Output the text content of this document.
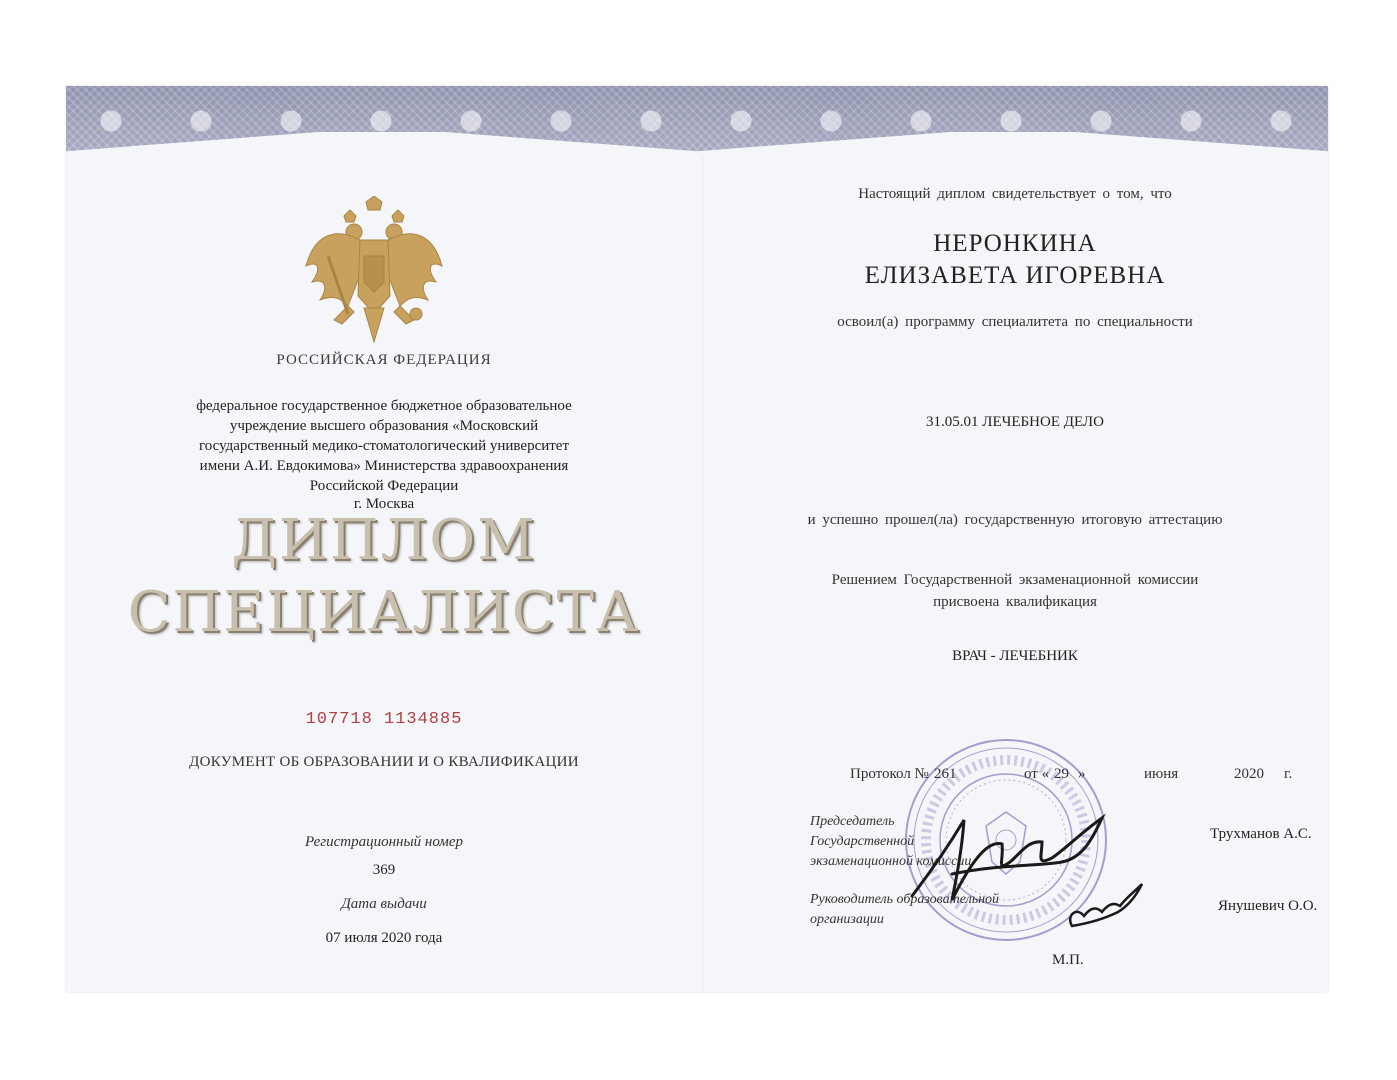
РОССИЙСКАЯ ФЕДЕРАЦИЯ
федеральное государственное бюджетное образовательное
учреждение высшего образования «Московский
государственный медико-стоматологический университет
имени А.И. Евдокимова» Министерства здравоохранения
Российской Федерации
г. Москва
ДИПЛОМ
СПЕЦИАЛИСТА
107718 1134885
ДОКУМЕНТ ОБ ОБРАЗОВАНИИ И О КВАЛИФИКАЦИИ
Регистрационный номер
369
Дата выдачи
07 июля 2020 года
Настоящий диплом свидетельствует о том, что
НЕРОНКИНА
ЕЛИЗАВЕТА ИГОРЕВНА
освоил(а) программу специалитета по специальности
31.05.01 ЛЕЧЕБНОЕ ДЕЛО
и успешно прошел(ла) государственную итоговую аттестацию
Решением Государственной экзаменационной комиссии
присвоена квалификация
ВРАЧ - ЛЕЧЕБНИК
Протокол № 261	от « 29 »	июня	2020 г.
Председатель
Государственной
экзаменационной комиссии
Трухманов А.С.
Руководитель образовательной
организации
Янушевич О.О.
М.П.
